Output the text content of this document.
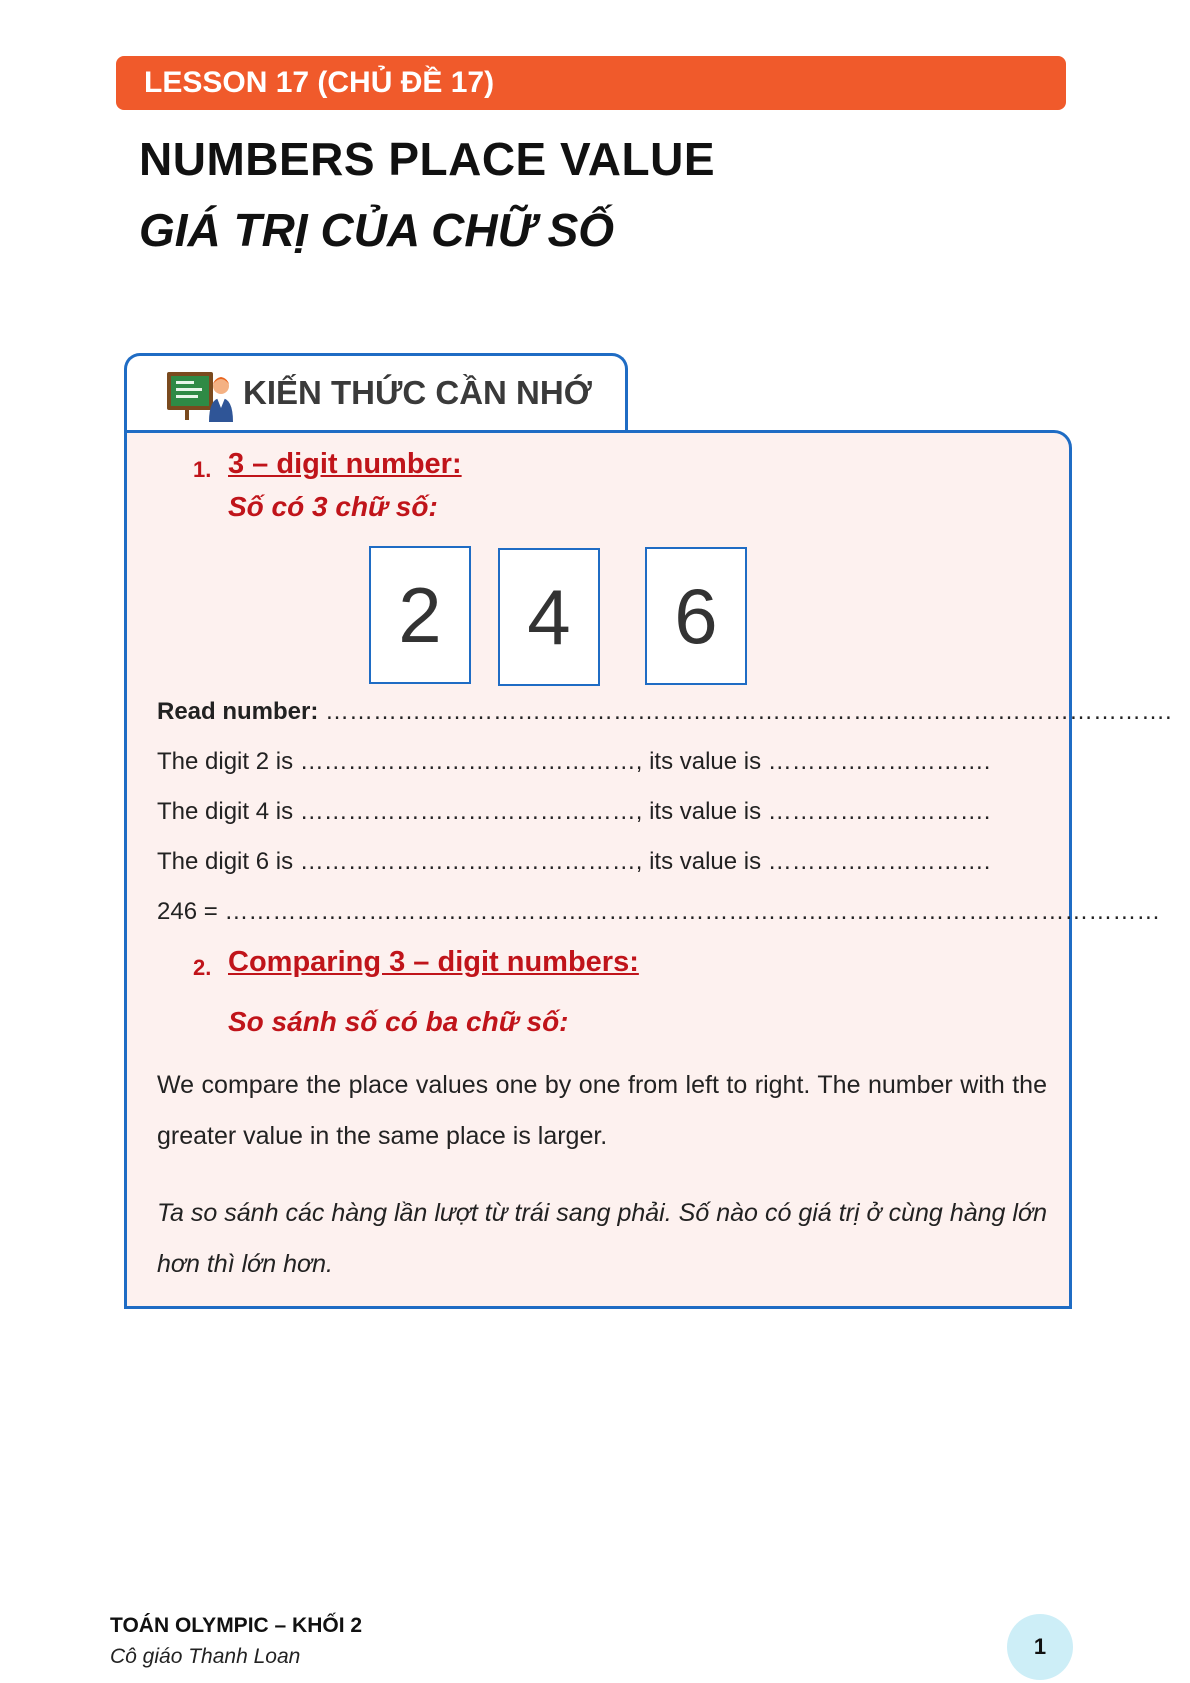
LESSON 17 (CHỦ ĐỀ 17)
NUMBERS PLACE VALUE
GIÁ TRỊ CỦA CHỮ SỐ
KIẾN THỨC CẦN NHỚ
1. 3 – digit number:
Số có 3 chữ số:
2	4	6
Read number: …………………………………………………………………………………………….
The digit 2 is ……………………………………, its value is ……………………….
The digit 4 is ……………………………………, its value is ……………………….
The digit 6 is ……………………………………, its value is ……………………….
246 = ………………………………………………………………………………………………………
2. Comparing 3 – digit numbers:
So sánh số có ba chữ số:
We compare the place values one by one from left to right. The number with the greater value in the same place is larger.
Ta so sánh các hàng lần lượt từ trái sang phải. Số nào có giá trị ở cùng hàng lớn hơn thì lớn hơn.
TOÁN OLYMPIC – KHỐI 2
Cô giáo Thanh Loan	1
